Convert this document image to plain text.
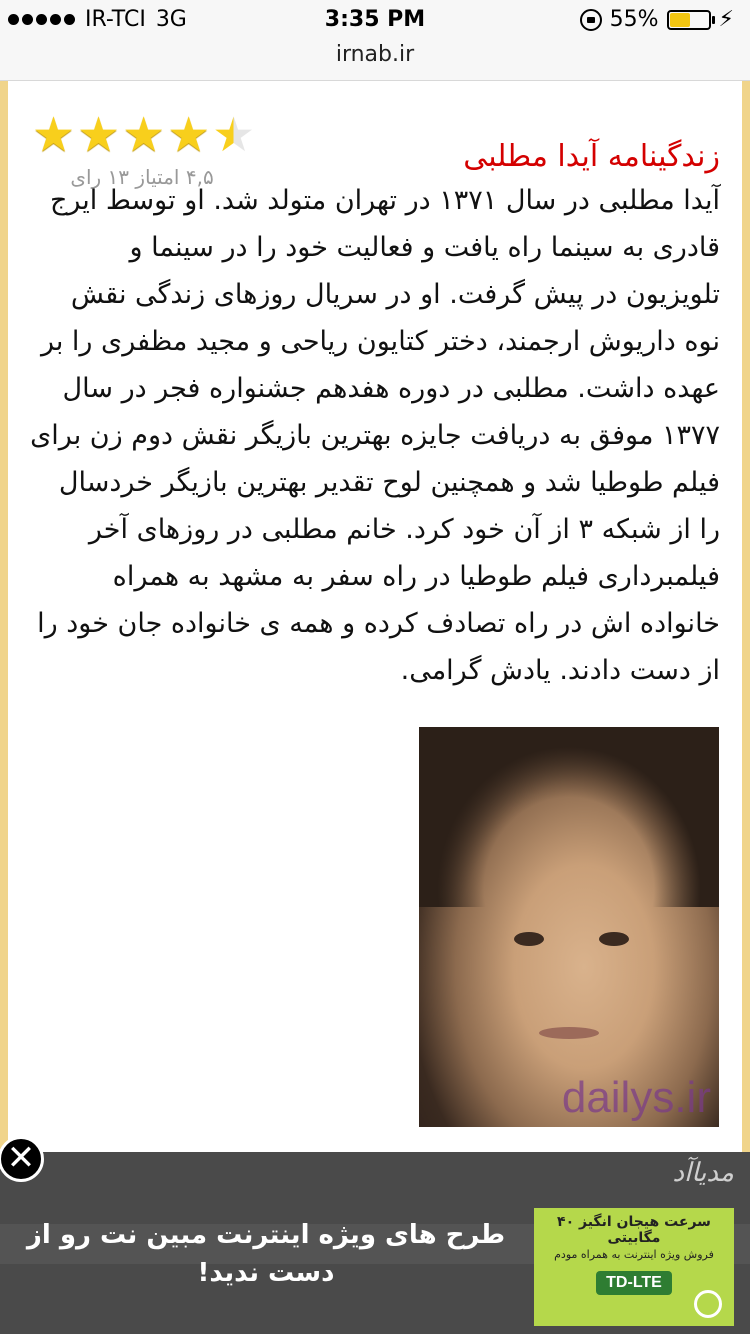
IR-TCI 3G	3:35 PM	55%	⚡
irnab.ir
زندگینامه آیدا مطلبی
★ ★ ★ ★ ★
۴,۵ امتیاز ۱۳ رای
آیدا مطلبی در سال ۱۳۷۱ در تهران متولد شد. او توسط ایرج قادری به سینما راه یافت و فعالیت خود را در سینما و تلویزیون در پیش گرفت. او در سریال روزهای زندگی نقش نوه داریوش ارجمند، دختر کتایون ریاحی و مجید مظفری را بر عهده داشت. مطلبی در دوره هفدهم جشنواره فجر در سال ۱۳۷۷ موفق به دریافت جایزه بهترین بازیگر نقش دوم زن برای فیلم طوطیا شد و همچنین لوح تقدیر بهترین بازیگر خردسال را از شبکه ۳ از آن خود کرد. خانم مطلبی در روزهای آخر فیلمبرداری فیلم طوطیا در راه سفر به مشهد به همراه خانواده اش در راه تصادف کرده و همه ی خانواده جان خود را از دست دادند. یادش گرامی.
dailys.ir
✕	مدیاآد
طرح های ویژه اینترنت مبین نت رو از دست ندید!
سرعت هیجان انگیز ۴۰ مگابیتی
فروش ویژه اینترنت به همراه مودم
TD-LTE
